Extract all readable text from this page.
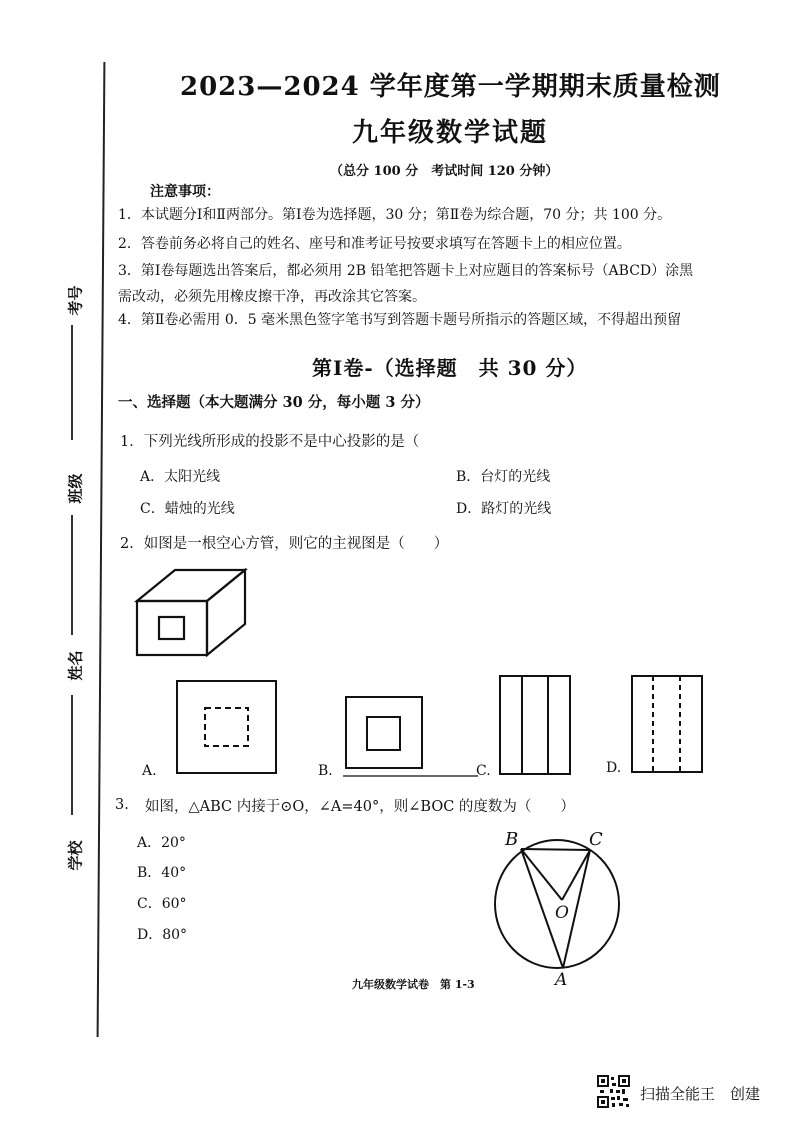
考号
班级
姓名
学校
2023—2024 学年度第一学期期末质量检测
九年级数学试题
（总分 100 分　考试时间 120 分钟）
注意事项：
1．本试题分Ⅰ和Ⅱ两部分。第Ⅰ卷为选择题，30 分；第Ⅱ卷为综合题，70 分；共 100 分。
2．答卷前务必将自己的姓名、座号和准考证号按要求填写在答题卡上的相应位置。
3．第Ⅰ卷每题选出答案后，都必须用 2B 铅笔把答题卡上对应题目的答案标号（ABCD）涂黑
需改动，必须先用橡皮擦干净，再改涂其它答案。
4．第Ⅱ卷必需用 0．5 毫米黑色签字笔书写到答题卡题号所指示的答题区域，不得超出预留
第Ⅰ卷-（选择题　共 30 分）
一、选择题（本大题满分 30 分，每小题 3 分）
1．下列光线所形成的投影不是中心投影的是（
A．太阳光线	B．台灯的光线
C．蜡烛的光线	D．路灯的光线
2．如图是一根空心方管，则它的主视图是（　　）
A.	B.	C.	D.
3. 如图，△ABC 内接于⊙O，∠A=40°，则∠BOC 的度数为（　　）
A．20°
B．40°
C．60°
D．80°
B	C
O
A
九年级数学试卷　第 1-3
扫描全能王　创建
